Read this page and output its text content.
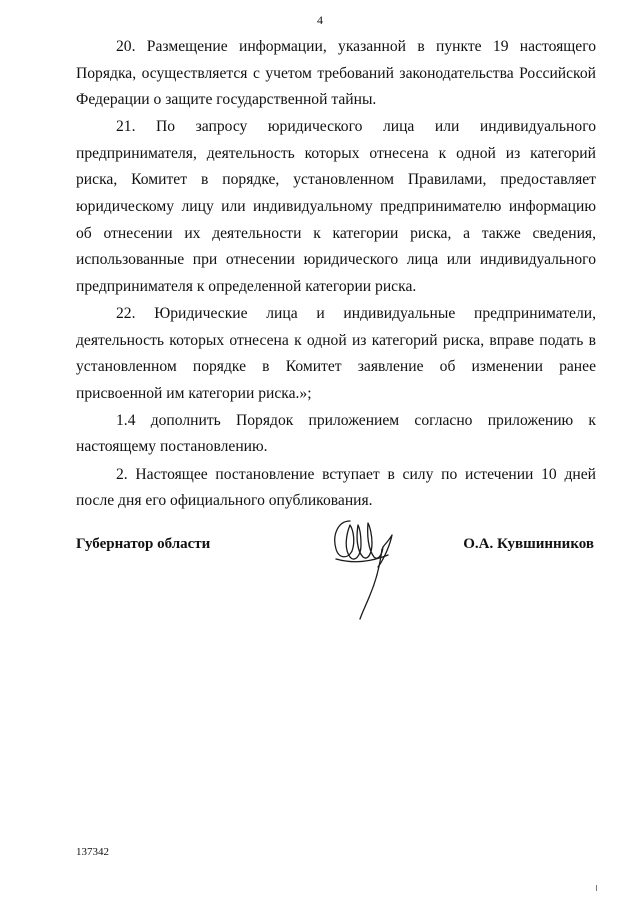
4

20. Размещение информации, указанной в пункте 19 настоящего Порядка, осуществляется с учетом требований законодательства Российской Федерации о защите государственной тайны.

21. По запросу юридического лица или индивидуального предпринимателя, деятельность которых отнесена к одной из категорий риска, Комитет в порядке, установленном Правилами, предоставляет юридическому лицу или индивидуальному предпринимателю информацию об отнесении их деятельности к категории риска, а также сведения, использованные при отнесении юридического лица или индивидуального предпринимателя к определенной категории риска.

22. Юридические лица и индивидуальные предприниматели, деятельность которых отнесена к одной из категорий риска, вправе подать в установленном порядке в Комитет заявление об изменении ранее присвоенной им категории риска.»;

1.4 дополнить Порядок приложением согласно приложению к настоящему постановлению.

2. Настоящее постановление вступает в силу по истечении 10 дней после дня его официального опубликования.

Губернатор области	О.А. Кувшинников
137342
